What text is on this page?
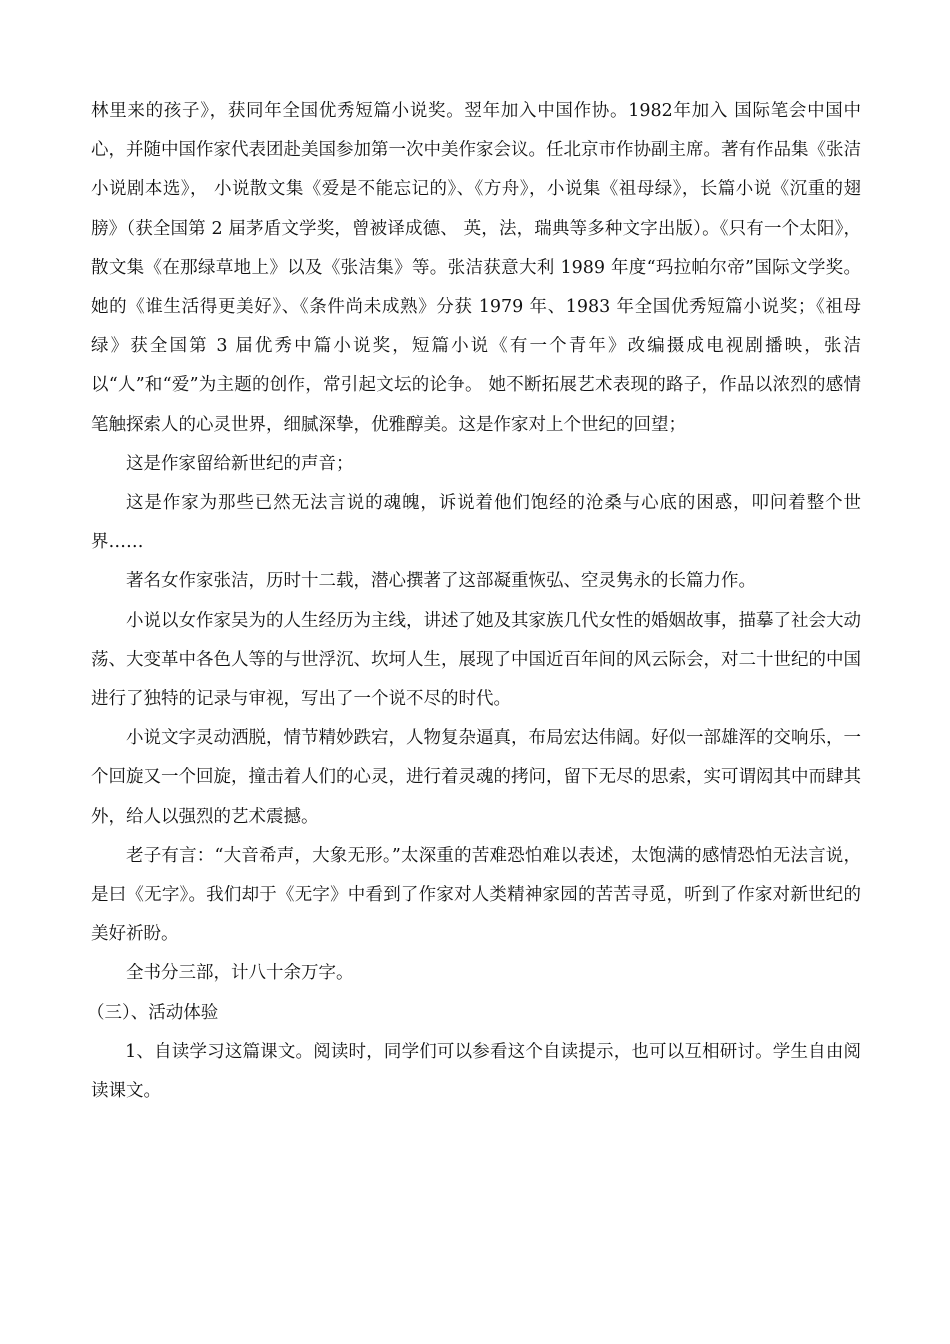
林里来的孩子》，获同年全国优秀短篇小说奖。翌年加入中国作协。1982年加入 国际笔会中国中心，并随中国作家代表团赴美国参加第一次中美作家会议。任北京市作协副主席。著有作品集《张洁小说剧本选》， 小说散文集《爱是不能忘记的》、《方舟》，小说集《祖母绿》，长篇小说《沉重的翅膀》（获全国第 2 届茅盾文学奖，曾被译成德、 英，法，瑞典等多种文字出版）。《只有一个太阳》，散文集《在那绿草地上》以及《张洁集》等。张洁获意大利 1989 年度“玛拉帕尔帝”国际文学奖。她的《谁生活得更美好》、《条件尚未成熟》分获 1979 年、1983 年全国优秀短篇小说奖；《祖母绿》获全国第 3 届优秀中篇小说奖，短篇小说《有一个青年》改编摄成电视剧播映，张洁以“人”和“爱”为主题的创作，常引起文坛的论争。 她不断拓展艺术表现的路子，作品以浓烈的感情笔触探索人的心灵世界，细腻深挚，优雅醇美。这是作家对上个世纪的回望；

这是作家留给新世纪的声音；

这是作家为那些已然无法言说的魂魄，诉说着他们饱经的沧桑与心底的困惑，叩问着整个世界……

著名女作家张洁，历时十二载，潜心撰著了这部凝重恢弘、空灵隽永的长篇力作。

小说以女作家吴为的人生经历为主线，讲述了她及其家族几代女性的婚姻故事，描摹了社会大动荡、大变革中各色人等的与世浮沉、坎坷人生，展现了中国近百年间的风云际会，对二十世纪的中国进行了独特的记录与审视，写出了一个说不尽的时代。

小说文字灵动洒脱，情节精妙跌宕，人物复杂逼真，布局宏达伟阔。好似一部雄浑的交响乐，一个回旋又一个回旋，撞击着人们的心灵，进行着灵魂的拷问，留下无尽的思索，实可谓闳其中而肆其外，给人以强烈的艺术震撼。

老子有言：“大音希声，大象无形。”太深重的苦难恐怕难以表述，太饱满的感情恐怕无法言说，是曰《无字》。我们却于《无字》中看到了作家对人类精神家园的苦苦寻觅，听到了作家对新世纪的美好祈盼。

全书分三部，计八十余万字。

（三）、活动体验

1、自读学习这篇课文。阅读时，同学们可以参看这个自读提示，也可以互相研讨。学生自由阅读课文。
